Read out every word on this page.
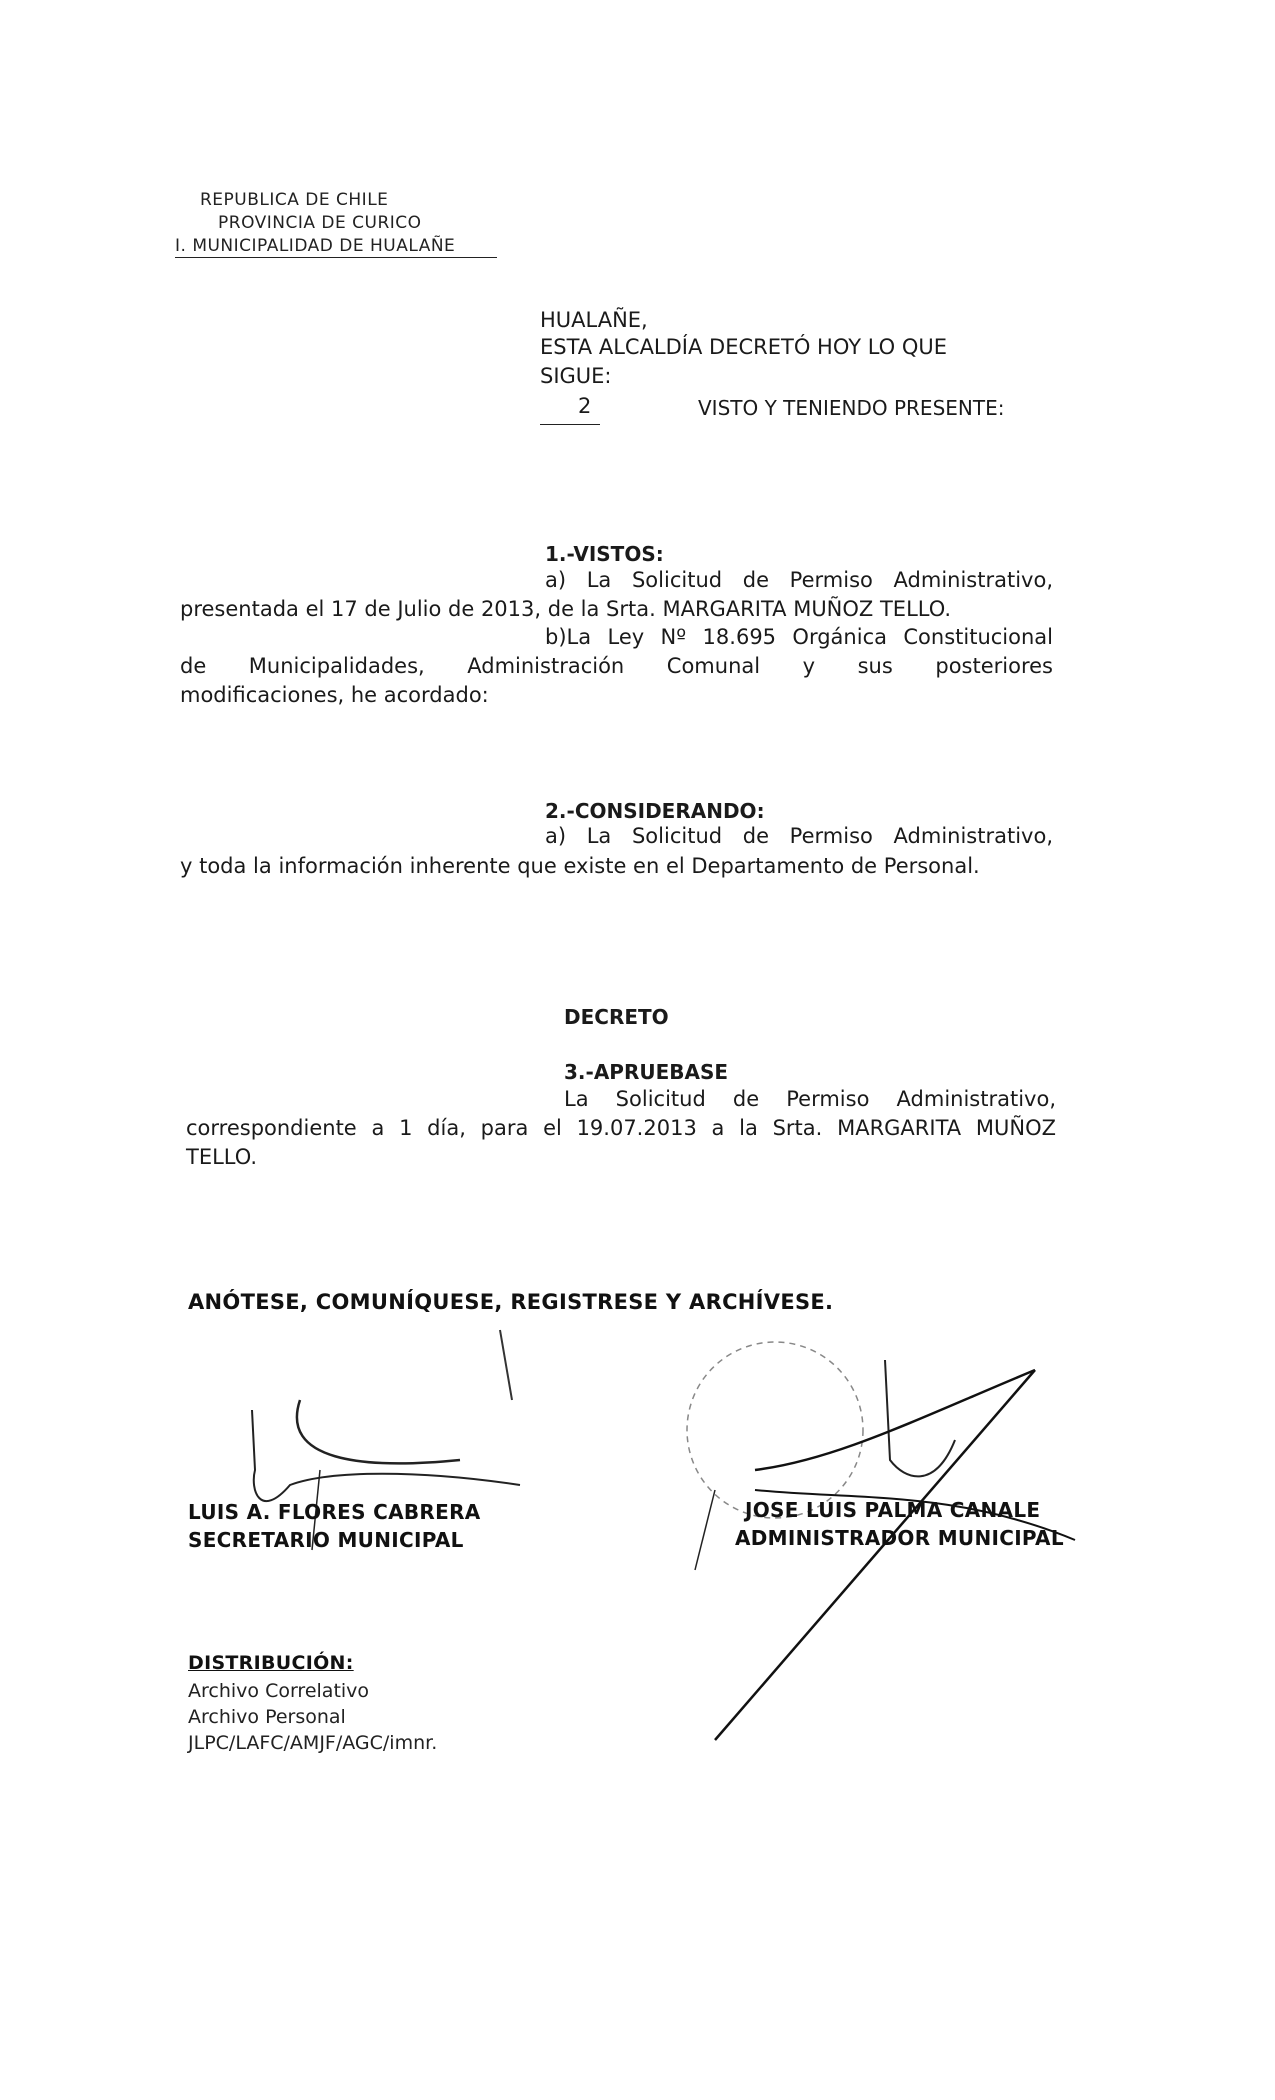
REPUBLICA DE CHILE
PROVINCIA DE CURICO
I. MUNICIPALIDAD DE HUALAÑE
HUALAÑE,
ESTA ALCALDÍA DECRETÓ HOY LO QUE
SIGUE:
2	VISTO Y TENIENDO PRESENTE:
1.-VISTOS:
a) La Solicitud de Permiso Administrativo,
presentada el 17 de Julio de 2013, de la Srta. MARGARITA MUÑOZ TELLO.
b)La Ley Nº 18.695 Orgánica Constitucional
de Municipalidades, Administración Comunal y sus posteriores
modificaciones, he acordado:
2.-CONSIDERANDO:
a) La Solicitud de Permiso Administrativo,
y toda la información inherente que existe en el Departamento de Personal.
DECRETO
3.-APRUEBASE
La Solicitud de Permiso Administrativo,
correspondiente a 1 día, para el 19.07.2013 a la Srta. MARGARITA MUÑOZ
TELLO.
ANÓTESE, COMUNÍQUESE, REGISTRESE Y ARCHÍVESE.
LUIS A. FLORES CABRERA
SECRETARIO MUNICIPAL
JOSE LUIS PALMA CANALE
ADMINISTRADOR MUNICIPAL
DISTRIBUCIÓN:
Archivo Correlativo
Archivo Personal
JLPC/LAFC/AMJF/AGC/imnr.
